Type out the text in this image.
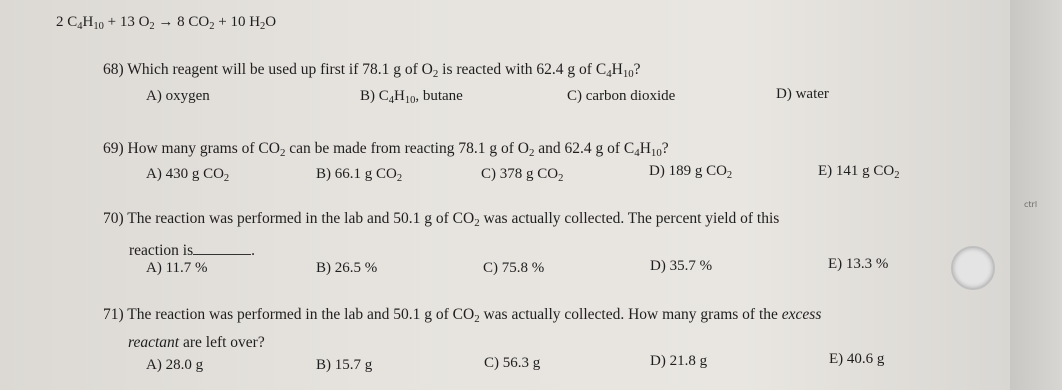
2 $C_4H_{10} + 13$ $O_2 \to 8$ $CO_2 + 10$ $H_2O$
68) Which reagent will be used up first if 78.1 g of $O_2$ is reacted with 62.4 g of $C_4H_{10}$?
A) oxygen	B) $C_4H_{10}$, butane	C) carbon dioxide	D) water
69) How many grams of $CO_2$ can be made from reacting 78.1 g of $O_2$ and 62.4 g of $C_4H_{10}$?
A) 430 g $CO_2$	B) 66.1 g $CO_2$	C) 378 g $CO_2$	D) 189 g $CO_2$	E) 141 g $CO_2$
70) The reaction was performed in the lab and 50.1 g of $CO_2$ was actually collected. The percent yield of this
reaction is	.
A) 11.7 %	B) 26.5 %	C) 75.8 %	D) 35.7 %	E) 13.3 %
71) The reaction was performed in the lab and 50.1 g of $CO_2$ was actually collected. How many grams of the excess
reactant are left over?
A) 28.0 g	B) 15.7 g	C) 56.3 g	D) 21.8 g	E) 40.6 g
ctrl
